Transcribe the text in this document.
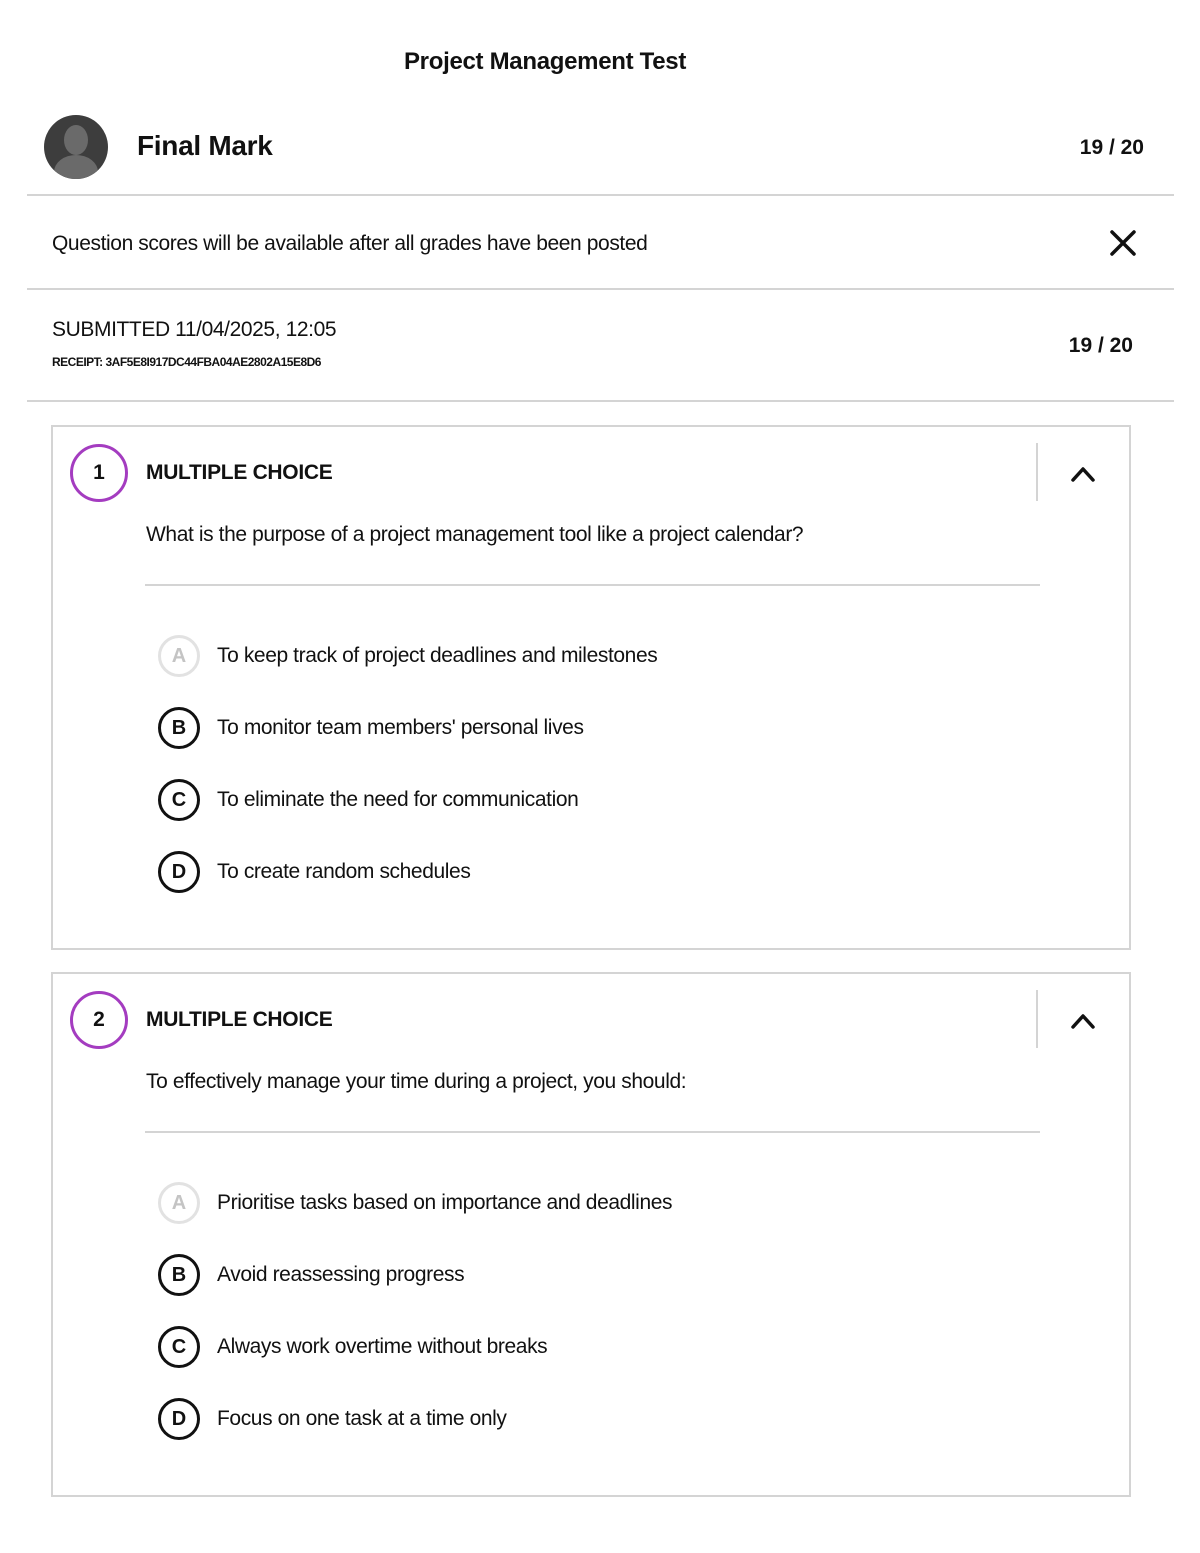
Project Management Test
Final Mark	19 / 20
Question scores will be available after all grades have been posted
SUBMITTED 11/04/2025, 12:05
RECEIPT: 3AF5E8I917DC44FBA04AE2802A15E8D6
19 / 20
1	MULTIPLE CHOICE
What is the purpose of a project management tool like a project calendar?
A	To keep track of project deadlines and milestones
B	To monitor team members' personal lives
C	To eliminate the need for communication
D	To create random schedules
2	MULTIPLE CHOICE
To effectively manage your time during a project, you should:
A	Prioritise tasks based on importance and deadlines
B	Avoid reassessing progress
C	Always work overtime without breaks
D	Focus on one task at a time only
